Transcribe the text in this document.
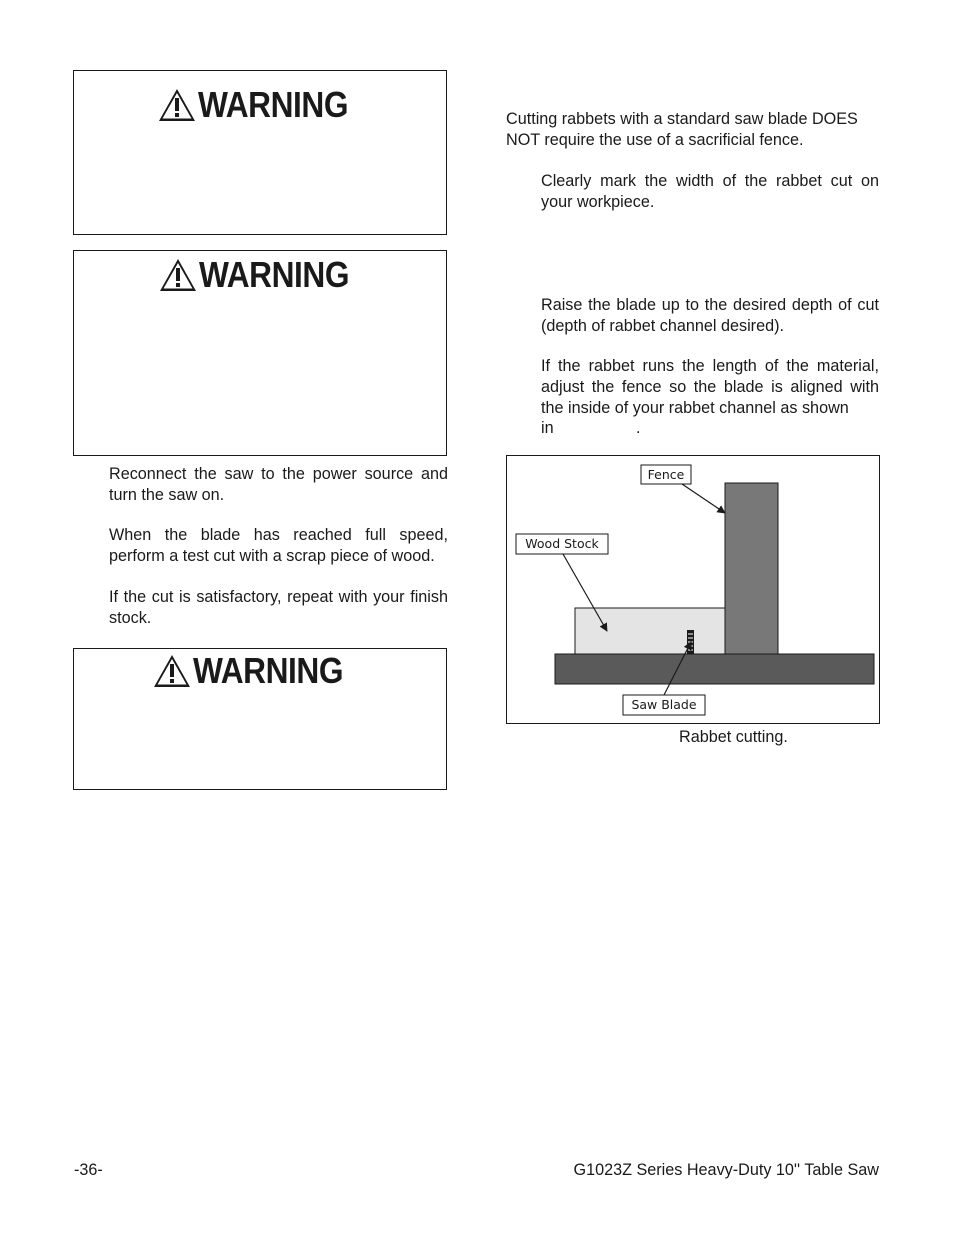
WARNING
WARNING
Reconnect the saw to the power source and turn the saw on.
When the blade has reached full speed, perform a test cut with a scrap piece of wood.
If the cut is satisfactory, repeat with your finish stock.
WARNING
Cutting rabbets with a standard saw blade DOES NOT require the use of a sacrificial fence.
Clearly mark the width of the rabbet cut on your workpiece.
Raise the blade up to the desired depth of cut (depth of rabbet channel desired).
If the rabbet runs the length of the material, adjust the fence so the blade is aligned with the inside of your rabbet channel as shown
in	.
Fence
Wood Stock
Saw Blade
Rabbet cutting.
-36-	G1023Z Series Heavy-Duty 10'' Table Saw
